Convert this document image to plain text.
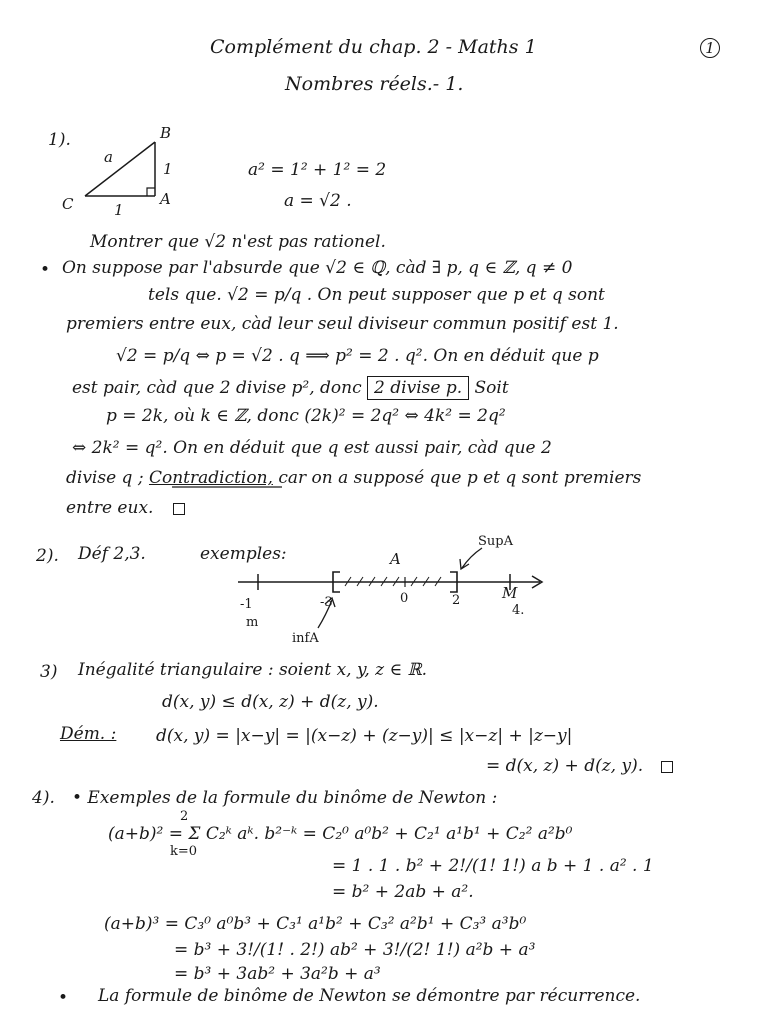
Complément du chap. 2 - Maths 1
Nombres réels.- 1.
1
1).	B
C	A
a
1
1
a² = 1² + 1² = 2
a = √2 .
Montrer que √2 n'est pas rationel.
• On suppose par l'absurde que √2 ∈ ℚ, càd ∃ p, q ∈ ℤ, q ≠ 0
tels que. √2 = p/q . On peut supposer que p et q sont
premiers entre eux, càd leur seul diviseur commun positif est 1.
√2 = p/q ⇔ p = √2 . q ⟹ p² = 2 . q². On en déduit que p
est pair, càd que 2 divise p², donc 2 divise p. Soit
p = 2k, où k ∈ ℤ, donc (2k)² = 2q² ⇔ 4k² = 2q²
⇔ 2k² = q². On en déduit que q est aussi pair, càd que 2
divise q ; Contradiction, car on a supposé que p et q sont premiers
entre eux.
2). Déf 2,3.	exemples:
SupA
A
-1
m
-3	0	2	M
4.
infA
3) Inégalité triangulaire : soient x, y, z ∈ ℝ.
d(x, y) ≤ d(x, z) + d(z, y).
Dém. : d(x, y) = |x−y| = |(x−z) + (z−y)| ≤ |x−z| + |z−y|
= d(x, z) + d(z, y).
4). • Exemples de la formule du binôme de Newton :
(a+b)² = Σ C₂ᵏ aᵏ. b²⁻ᵏ = C₂⁰ a⁰b² + C₂¹ a¹b¹ + C₂² a²b⁰
2
k=0
= 1 . 1 . b² + 2!/(1! 1!) a b + 1 . a² . 1
= b² + 2ab + a².
(a+b)³ = C₃⁰ a⁰b³ + C₃¹ a¹b² + C₃² a²b¹ + C₃³ a³b⁰
= b³ + 3!/(1! . 2!) ab² + 3!/(2! 1!) a²b + a³
= b³ + 3ab² + 3a²b + a³
• La formule de binôme de Newton se démontre par récurrence.
